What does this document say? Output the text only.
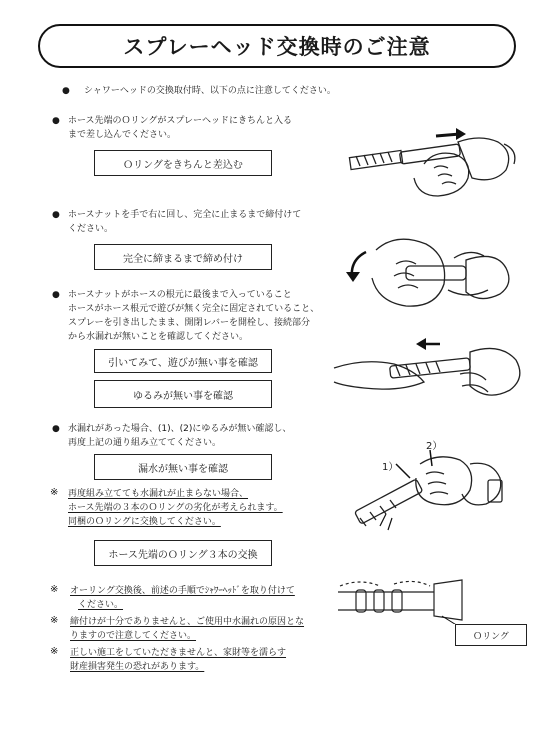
スプレーヘッド交換時のご注意
● シャワーヘッドの交換取付時、以下の点に注意してください。
● ホース先端のＯリングがスプレーヘッドにきちんと入る
まで差し込んでください。
Ｏリングをきちんと差込む
● ホースナットを手で右に回し、完全に止まるまで締付けて
ください。
完全に締まるまで締め付け
● ホースナットがホースの根元に最後まで入っていること
ホースがホース根元で遊びが無く完全に固定されていること、
スプレーを引き出したまま、開閉レバーを開栓し、接続部分
から水漏れが無いことを確認してください。
引いてみて、遊びが無い事を確認
ゆるみが無い事を確認
● 水漏れがあった場合、(1)、(2)にゆるみが無い確認し、
再度上記の通り組み立ててください。
漏水が無い事を確認
※ 再度組み立てても水漏れが止まらない場合、
ホース先端の３本のＯリングの劣化が考えられます。
同梱のＯリングに交換してください。
ホース先端のＯリング３本の交換
※ オーリング交換後、前述の手順でｼｬﾜｰﾍｯﾄﾞを取り付けて
ください。
※ 締付けが十分でありませんと、ご使用中水漏れの原因とな
りますので注意してください。
※ 正しい施工をしていただきませんと、家財等を濡らす
財産損害発生の恐れがあります。
2）
1）
Ｏリング
